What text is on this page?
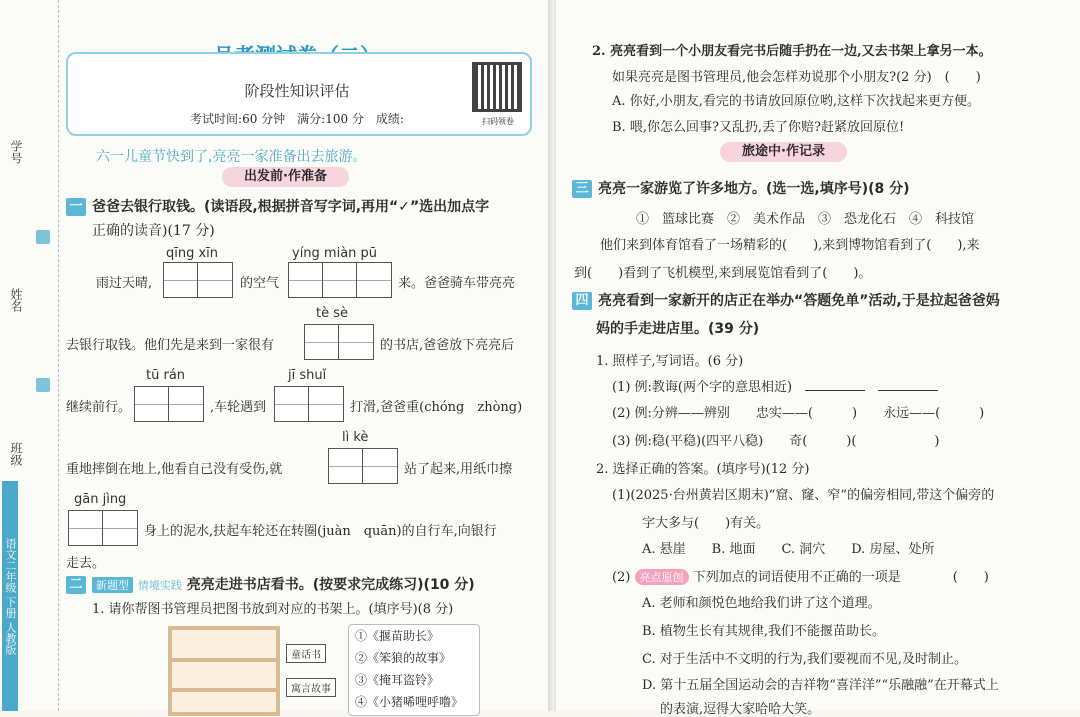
学号
姓名
班级
语文二年级 下册 人教版
阶段性知识评估
考试时间:60 分钟　满分:100 分　成绩:	扫码领卷
六一儿童节快到了,亮亮一家准备出去旅游。
出发前·作准备
一 爸爸去银行取钱。(读语段,根据拼音写字词,再用“✓”选出加点字
正确的读音)(17 分)
qīng xīn	yíng miàn pū
雨过天晴,	的空气	来。爸爸骑车带亮亮
tè sè
去银行取钱。他们先是来到一家很有	的书店,爸爸放下亮亮后
tū rán	jī shuǐ
继续前行。	,车轮遇到	打滑,爸爸重(chóng　zhòng)
lì kè
重地摔倒在地上,他看自己没有受伤,就	站了起来,用纸巾擦
gān jìng
身上的泥水,扶起车轮还在转圈(juàn　quān)的自行车,向银行
走去。
二 新题型 情境实践 亮亮走进书店看书。(按要求完成练习)(10 分)
1. 请你帮图书管理员把图书放到对应的书架上。(填序号)(8 分)
童话书
寓言故事
①《揠苗助长》
②《笨狼的故事》
③《掩耳盗铃》
④《小猪唏哩呼噜》
2. 亮亮看到一个小朋友看完书后随手扔在一边,又去书架上拿另一本。
如果亮亮是图书管理员,他会怎样劝说那个小朋友?(2 分)　(　　)
A. 你好,小朋友,看完的书请放回原位哟,这样下次找起来更方便。
B. 喂,你怎么回事?又乱扔,丢了你赔?赶紧放回原位!
旅途中·作记录
三 亮亮一家游览了许多地方。(选一选,填序号)(8 分)
①　篮球比赛　②　美术作品　③　恐龙化石　④　科技馆
他们来到体育馆看了一场精彩的(　　),来到博物馆看到了(　　),来
到(　　)看到了飞机模型,来到展览馆看到了(　　)。
四 亮亮看到一家新开的店正在举办“答题免单”活动,于是拉起爸爸妈
妈的手走进店里。(39 分)
1. 照样子,写词语。(6 分)
(1) 例:教诲(两个字的意思相近)　　
(2) 例:分辨——辨别　　忠实——(　　　)　　永远——(　　　)
(3) 例:稳(平稳)(四平八稳)　　奇(　　　)(　　　　　　)
2. 选择正确的答案。(填序号)(12 分)
(1)(2025·台州黄岩区期末)“窟、窿、窄”的偏旁相同,带这个偏旁的
字大多与(　　)有关。
A. 悬崖　　B. 地面　　C. 洞穴　　D. 房屋、处所
(2) 亮点原创 下列加点的词语使用不正确的一项是　　　　(　　)
A. 老师和颜悦色地给我们讲了这个道理。
B. 植物生长有其规律,我们不能揠苗助长。
C. 对于生活中不文明的行为,我们要视而不见,及时制止。
D. 第十五届全国运动会的吉祥物“喜洋洋”“乐融融”在开幕式上
的表演,逗得大家哈哈大笑。
